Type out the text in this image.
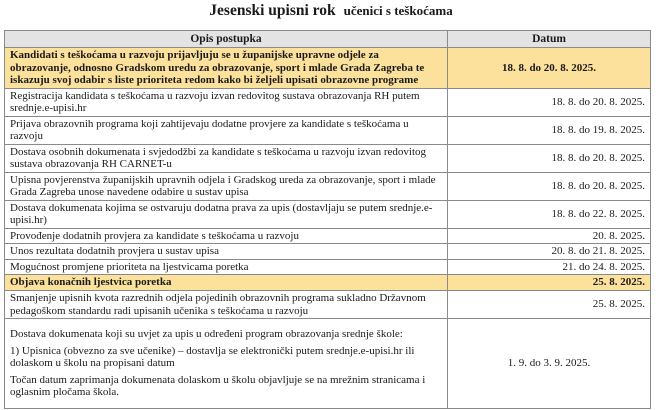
Jesenski upisni rok učenici s teškoćama
Opis postupka	Datum
Kandidati s teškoćama u razvoju prijavljuju se u županijske upravne odjele za obrazovanje, odnosno Gradskom uredu za obrazovanje, sport i mlade Grada Zagreba te iskazuju svoj odabir s liste prioriteta redom kako bi željeli upisati obrazovne programe	18. 8. do 20. 8. 2025.
Registracija kandidata s teškoćama u razvoju izvan redovitog sustava obrazovanja RH putem srednje.e-upisi.hr	18. 8. do 20. 8. 2025.
Prijava obrazovnih programa koji zahtijevaju dodatne provjere za kandidate s teškoćama u razvoju	18. 8. do 19. 8. 2025.
Dostava osobnih dokumenata i svjedodžbi za kandidate s teškoćama u razvoju izvan redovitog sustava obrazovanja RH CARNET-u	18. 8. do 20. 8. 2025.
Upisna povjerenstva županijskih upravnih odjela i Gradskog ureda za obrazovanje, sport i mlade Grada Zagreba unose navedene odabire u sustav upisa	18. 8. do 20. 8. 2025.
Dostava dokumenata kojima se ostvaruju dodatna prava za upis (dostavljaju se putem srednje.e-upisi.hr)	18. 8. do 22. 8. 2025.
Provođenje dodatnih provjera za kandidate s teškoćama u razvoju	20. 8. 2025.
Unos rezultata dodatnih provjera u sustav upisa	20. 8. do 21. 8. 2025.
Mogućnost promjene prioriteta na ljestvicama poretka	21. do 24. 8. 2025.
Objava konačnih ljestvica poretka	25. 8. 2025.
Smanjenje upisnih kvota razrednih odjela pojedinih obrazovnih programa sukladno Državnom pedagoškom standardu radi upisanih učenika s teškoćama u razvoju	25. 8. 2025.

Dostava dokumenata koji su uvjet za upis u određeni program obrazovanja srednje škole:

1) Upisnica (obvezno za sve učenike) – dostavlja se elektronički putem srednje.e-upisi.hr ili dolaskom u školu na propisani datum

Točan datum zaprimanja dokumenata dolaskom u školu objavljuje se na mrežnim stranicama i oglasnim pločama škola.	1. 9. do 3. 9. 2025.
